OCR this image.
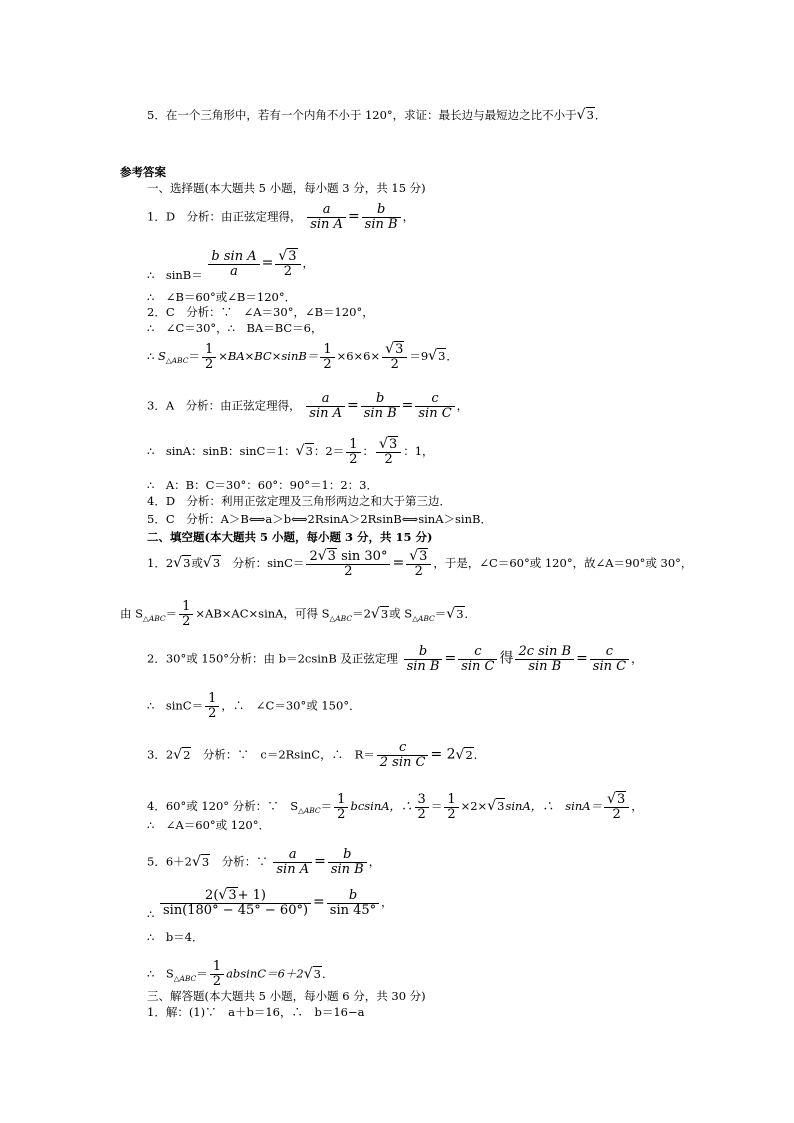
5．在一个三角形中，若有一个内角不小于 120°，求证：最长边与最短边之比不小于√3．
参考答案
一、选择题(本大题共 5 小题，每小题 3 分，共 15 分)
1．D　分析：由正弦定理得， $\frac{a}{\text{sin A}} = \frac{b}{\text{sin B}}$ ，
∴　$\sin B= \frac{\text{b sin A}}{a} = \frac{√3}{2}$ ，
∴　∠B＝60°或∠B＝120°．
2．C　分析：∵　∠A＝30°，∠B＝120°，
∴　∠C＝30°，∴　BA＝BC＝6，
∴ $S_{\triangle ABC}= \frac{1}{2} \times BA\times BC\times\sin B= \frac{1}{2} \times 6\times 6\times \frac{√3}{2} =9√3$．
3．A　分析：由正弦定理得， $\frac{a}{\text{sin A}} = \frac{b}{\text{sin B}} = \frac{c}{\text{sin C}}$ ，
∴　sinA：sinB：sinC＝1：√3：$2= \frac{1}{2}$ ： $\frac{√3}{2}$ ：1，
∴　A：B：C＝30°：60°：90°＝1：2：3．
4．D　分析：利用正弦定理及三角形两边之和大于第三边．
5．C　分析：A＞B⟺a＞b⟺2RsinA＞2RsinB⟺sinA＞sinB．
二、填空题(本大题共 5 小题，每小题 3 分，共 15 分)
1．2√3或√3　分析：$\sin C= \frac{2√3 \sin 30^\circ}{2} = \frac{√3}{2}$ ，于是，∠C＝60°或 120°，故∠A＝90°或 30°，
由 $S_{\triangle ABC}= \frac{1}{2} \times AB\times AC\times\sin A$，可得 $S_{\triangle ABC}=2√3$或 $S_{\triangle ABC}=√3$．
2．30°或 150°分析：由 b＝2csinB 及正弦定理 $\frac{b}{\text{sin B}} = \frac{c}{\text{sin C}}$ 得 $\frac{\text{2c sin B}}{\text{sin B}} = \frac{c}{\text{sin C}}$ ，
∴　$\sin C= \frac{1}{2}$ ，∴　∠C＝30°或 150°．
3．2√2　分析：∵　c＝2RsinC，∴　$R= \frac{c}{\text{2 sin C}} = 2√2$．
4．60°或 120° 分析：∵　$S_{\triangle ABC}= \frac{1}{2}$ bcsinA，∴ $\frac{3}{2} = \frac{1}{2} \times 2\times√3\sin A$，∴　$\sin A= \frac{√3}{2}$ ，
∴　∠A＝60°或 120°．
5．6＋2√3　分析：∵ $\frac{a}{\text{sin A}} = \frac{b}{\text{sin B}}$ ，
∴ $\frac{2(√3+ 1)}{\sin(180^\circ - 45^\circ - 60^\circ)} = \frac{b}{\sin 45^\circ}$ ，
∴　b＝4．
∴　$S_{\triangle ABC}= \frac{1}{2} absinC=6+2√3$．
三、解答题(本大题共 5 小题，每小题 6 分，共 30 分)
1．解：(1)∵　a＋b＝16，∴　b＝16−a
